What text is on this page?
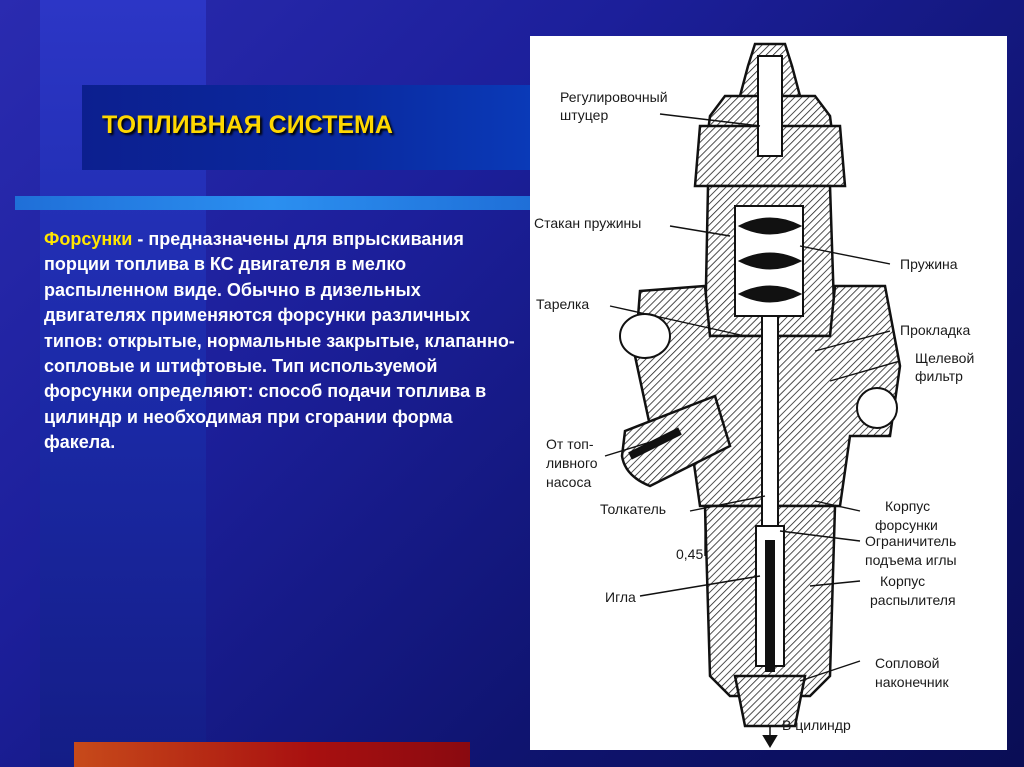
ТОПЛИВНАЯ СИСТЕМА

Форсунки - предназначены для впрыскивания порции топлива в КС двигателя в мелко распыленном виде. Обычно в дизельных двигателях применяются форсунки различных типов: открытые, нормальные закрытые, клапанно-сопловые и штифтовые. Тип используемой форсунки определяют: способ подачи топлива в цилиндр и необходимая при сгорании форма факела.

Регулировочный
штуцер
Стакан пружины
Пружина
Тарелка
Прокладка
Щелевой
фильтр
От топ-
ливного
насоса
Толкатель	Корпус
форсунки
Ограничитель
подъема иглы
0,45
Корпус
распылителя
Игла
Сопловой
наконечник
В цилиндр
